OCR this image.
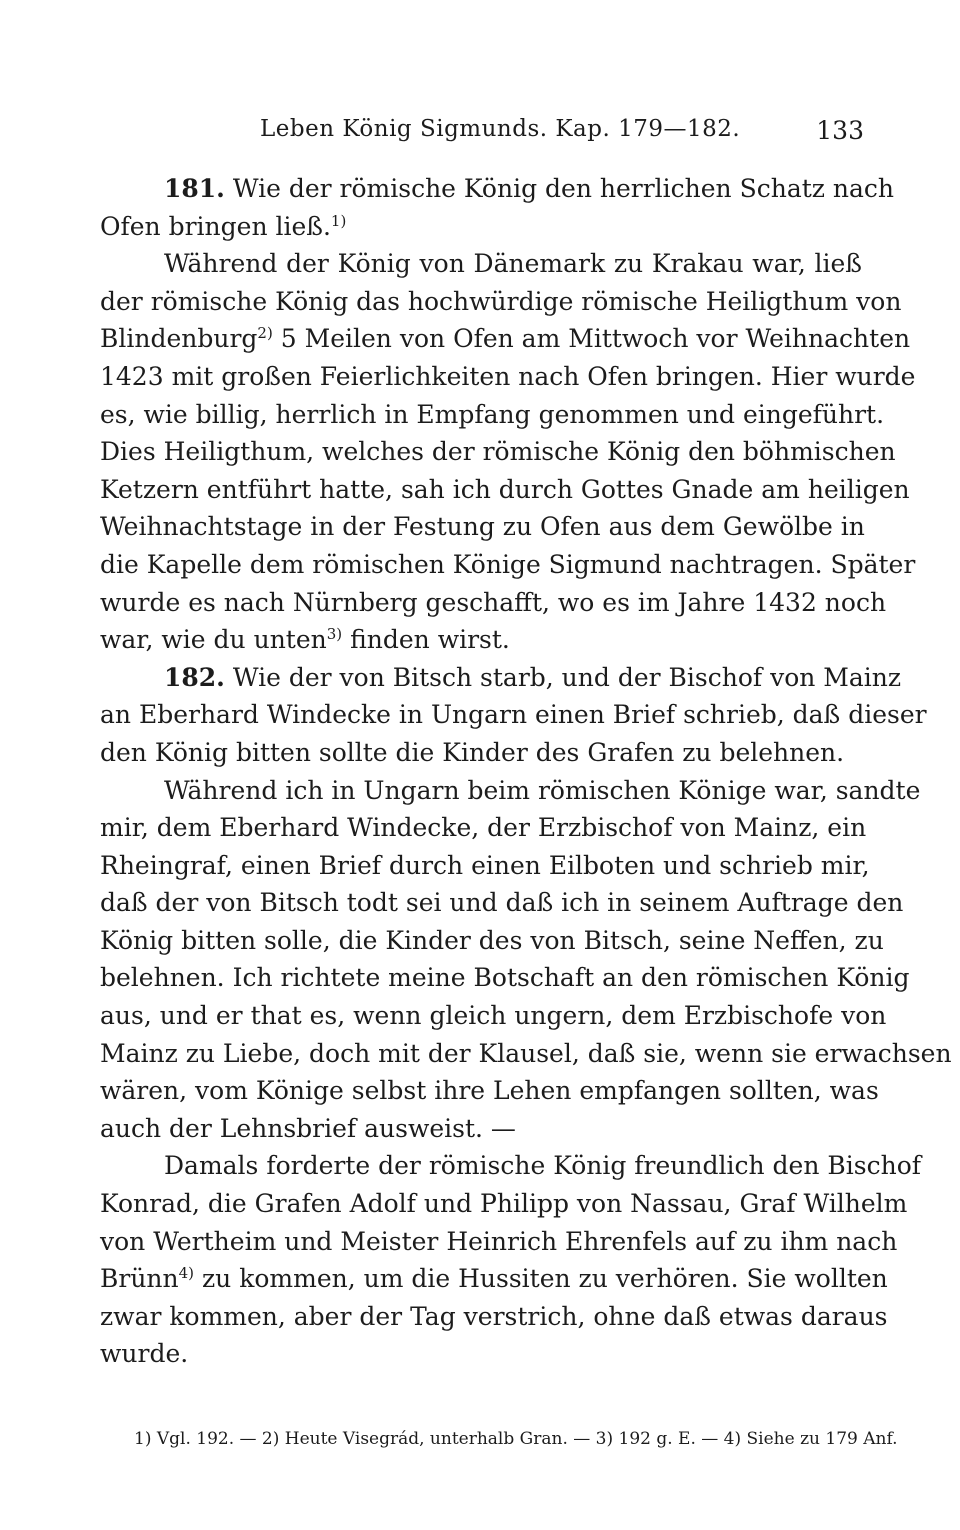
Leben König Sigmunds. Kap. 179—182.	133
181. Wie der römische König den herrlichen Schatz nach
Ofen bringen ließ.$^{1)}$
Während der König von Dänemark zu Krakau war, ließ
der römische König das hochwürdige römische Heiligthum von
Blindenburg$^{2)}$ 5 Meilen von Ofen am Mittwoch vor Weihnachten
1423 mit großen Feierlichkeiten nach Ofen bringen. Hier wurde
es, wie billig, herrlich in Empfang genommen und eingeführt.
Dies Heiligthum, welches der römische König den böhmischen
Ketzern entführt hatte, sah ich durch Gottes Gnade am heiligen
Weihnachtstage in der Festung zu Ofen aus dem Gewölbe in
die Kapelle dem römischen Könige Sigmund nachtragen. Später
wurde es nach Nürnberg geschafft, wo es im Jahre 1432 noch
war, wie du unten$^{3)}$ finden wirst.
182. Wie der von Bitsch starb, und der Bischof von Mainz
an Eberhard Windecke in Ungarn einen Brief schrieb, daß dieser
den König bitten sollte die Kinder des Grafen zu belehnen.
Während ich in Ungarn beim römischen Könige war, sandte
mir, dem Eberhard Windecke, der Erzbischof von Mainz, ein
Rheingraf, einen Brief durch einen Eilboten und schrieb mir,
daß der von Bitsch todt sei und daß ich in seinem Auftrage den
König bitten solle, die Kinder des von Bitsch, seine Neffen, zu
belehnen. Ich richtete meine Botschaft an den römischen König
aus, und er that es, wenn gleich ungern, dem Erzbischofe von
Mainz zu Liebe, doch mit der Klausel, daß sie, wenn sie erwachsen
wären, vom Könige selbst ihre Lehen empfangen sollten, was
auch der Lehnsbrief ausweist. —
Damals forderte der römische König freundlich den Bischof
Konrad, die Grafen Adolf und Philipp von Nassau, Graf Wilhelm
von Wertheim und Meister Heinrich Ehrenfels auf zu ihm nach
Brünn$^{4)}$ zu kommen, um die Hussiten zu verhören. Sie wollten
zwar kommen, aber der Tag verstrich, ohne daß etwas daraus
wurde.
1) Vgl. 192. — 2) Heute Visegrád, unterhalb Gran. — 3) 192 g. E. — 4) Siehe zu 179 Anf.
